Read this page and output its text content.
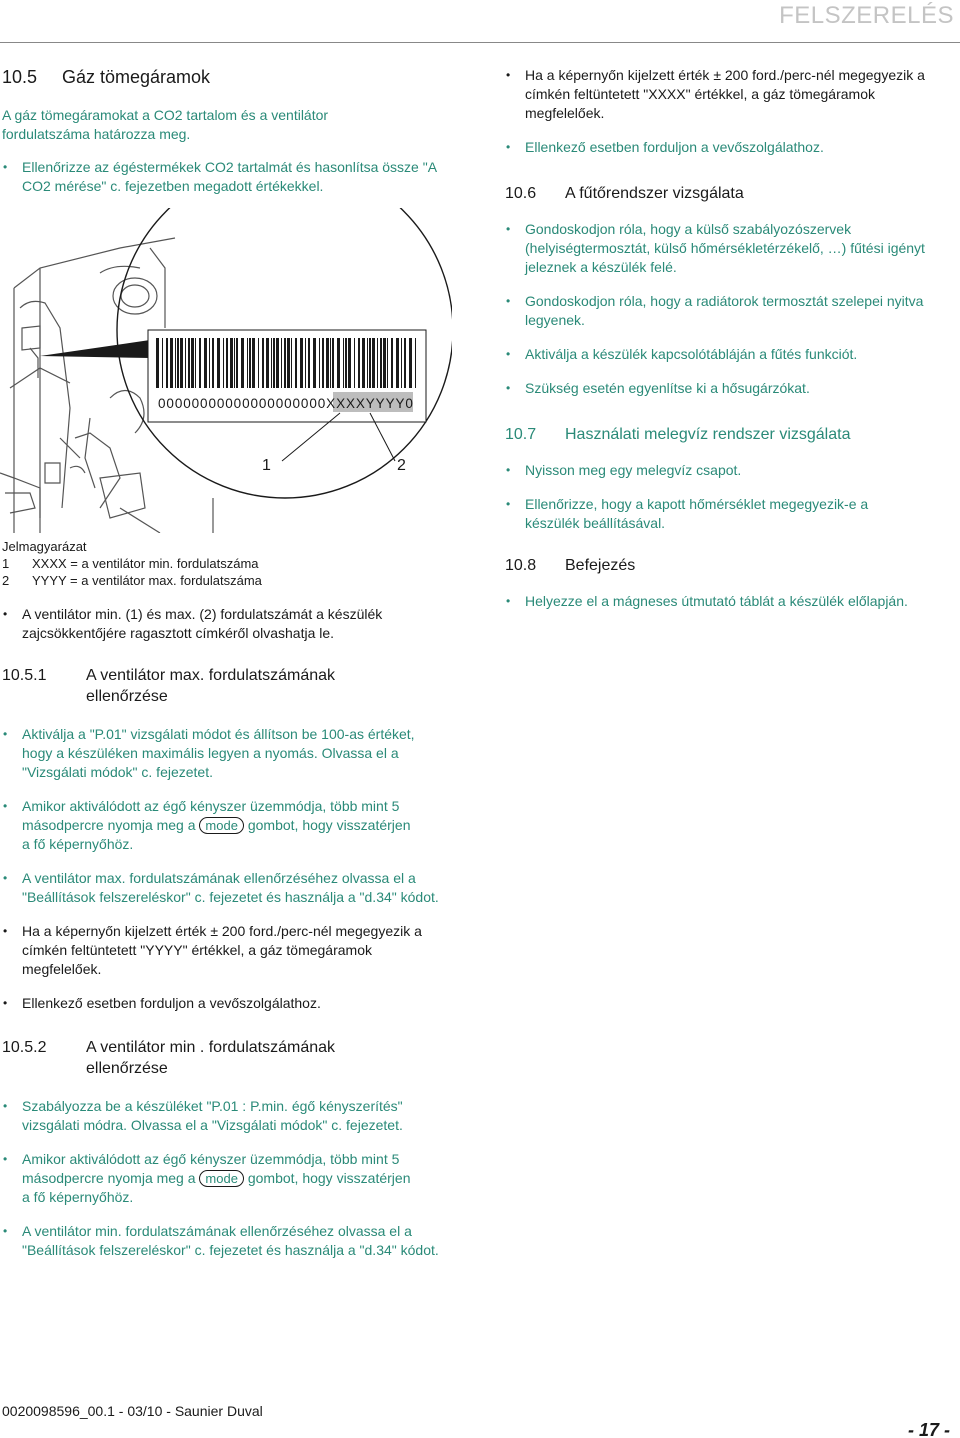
FELSZERELÉS
10.5	Gáz tömegáramok

A gáz tömegáramokat a CO2 tartalom és a ventilátor fordulatszáma határozza meg.

• Ellenőrizze az égéstermékek CO2 tartalmát és hasonlítsa össze "A CO2 mérése" c. fejezetben megadott értékekkel.
00000000000000000000XXXXYYYY0
1	2
Jelmagyarázat
1	XXXX = a ventilátor min. fordulatszáma
2	YYYY = a ventilátor max. fordulatszáma
• A ventilátor min. (1) és max. (2) fordulatszámát a készülék zajcsökkentőjére ragasztott címkéről olvashatja le.
10.5.1	A ventilátor max. fordulatszámának ellenőrzése
• Aktiválja a "P.01" vizsgálati módot és állítson be 100-as értéket, hogy a készüléken maximális legyen a nyomás. Olvassa el a "Vizsgálati módok" c. fejezetet.
• Amikor aktiválódott az égő kényszer üzemmódja, több mint 5 másodpercre nyomja meg a mode gombot, hogy visszatérjen a fő képernyőhöz.
• A ventilátor max. fordulatszámának ellenőrzéséhez olvassa el a "Beállítások felszereléskor" c. fejezetet és használja a "d.34" kódot.
• Ha a képernyőn kijelzett érték ± 200 ford./perc-nél megegyezik a címkén feltüntetett "YYYY" értékkel, a gáz tömegáramok megfelelőek.
• Ellenkező esetben forduljon a vevőszolgálathoz.
10.5.2	A ventilátor min . fordulatszámának ellenőrzése
• Szabályozza be a készüléket "P.01 : P.min. égő kényszerítés" vizsgálati módra. Olvassa el a "Vizsgálati módok" c. fejezetet.
• Amikor aktiválódott az égő kényszer üzemmódja, több mint 5 másodpercre nyomja meg a mode gombot, hogy visszatérjen a fő képernyőhöz.
• A ventilátor min. fordulatszámának ellenőrzéséhez olvassa el a "Beállítások felszereléskor" c. fejezetet és használja a "d.34" kódot.
• Ha a képernyőn kijelzett érték ± 200 ford./perc-nél megegyezik a címkén feltüntetett "XXXX" értékkel, a gáz tömegáramok megfelelőek.
• Ellenkező esetben forduljon a vevőszolgálathoz.
10.6	A fűtőrendszer vizsgálata
• Gondoskodjon róla, hogy a külső szabályozószervek (helyiségtermosztát, külső hőmérsékletérzékelő, …) fűtési igényt jeleznek a készülék felé.
• Gondoskodjon róla, hogy a radiátorok termosztát szelepei nyitva legyenek.
• Aktiválja a készülék kapcsolótábláján a fűtés funkciót.
• Szükség esetén egyenlítse ki a hősugárzókat.
10.7	Használati melegvíz rendszer vizsgálata
• Nyisson meg egy melegvíz csapot.
• Ellenőrizze, hogy a kapott hőmérséklet megegyezik-e a készülék beállításával.
10.8	Befejezés
• Helyezze el a mágneses útmutató táblát a készülék előlapján.
0020098596_00.1 - 03/10 - Saunier Duval
- 17 -
